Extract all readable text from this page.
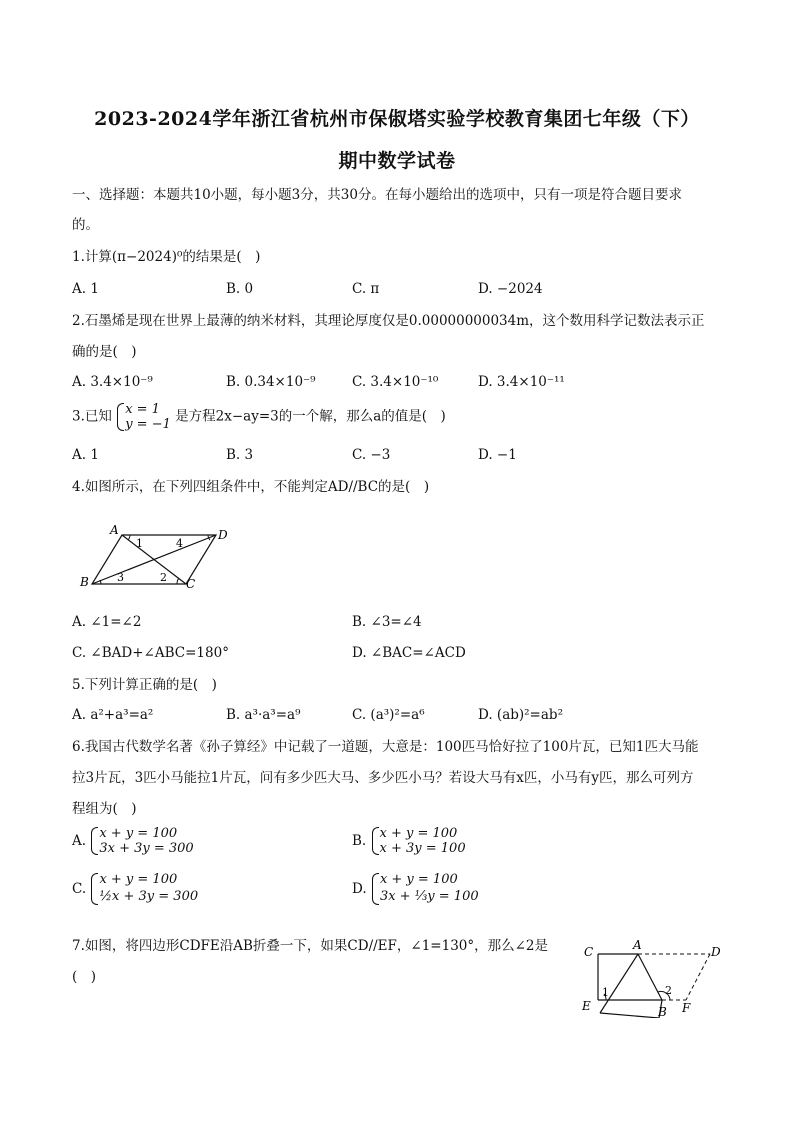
2023-2024学年浙江省杭州市保俶塔实验学校教育集团七年级（下）
期中数学试卷
一、选择题：本题共10小题，每小题3分，共30分。在每小题给出的选项中，只有一项是符合题目要求
的。
1.计算(π−2024)⁰的结果是(　)
A. 1	B. 0	C. π	D. −2024
2.石墨烯是现在世界上最薄的纳米材料，其理论厚度仅是0.00000000034m，这个数用科学记数法表示正
确的是(　)
A. 3.4×10⁻⁹	B. 0.34×10⁻⁹	C. 3.4×10⁻¹⁰	D. 3.4×10⁻¹¹
3.已知 x = 1
y = −1 是方程2x−ay=3的一个解，那么a的值是(　)
A. 1	B. 3	C. −3	D. −1
4.如图所示，在下列四组条件中，不能判定AD//BC的是(　)
A	D
B	C
1	4
3	2
A. ∠1=∠2	B. ∠3=∠4
C. ∠BAD+∠ABC=180°	D. ∠BAC=∠ACD
5.下列计算正确的是(　)
A. a²+a³=a²	B. a³·a³=a⁹	C. (a³)²=a⁶	D. (ab)²=ab²
6.我国古代数学名著《孙子算经》中记载了一道题，大意是：100匹马恰好拉了100片瓦，已知1匹大马能
拉3片瓦，3匹小马能拉1片瓦，问有多少匹大马、多少匹小马？若设大马有x匹，小马有y匹，那么可列方
程组为(　)
A. x + y = 100
3x + 3y = 300	B. x + y = 100
x + 3y = 100
C.
x + y = 100
½x + 3y = 300	D.
x + y = 100
3x + ⅓y = 100
7.如图，将四边形CDFE沿AB折叠一下，如果CD//EF，∠1=130°，那么∠2是
(　)
C	A	D
E
1	2
B F
